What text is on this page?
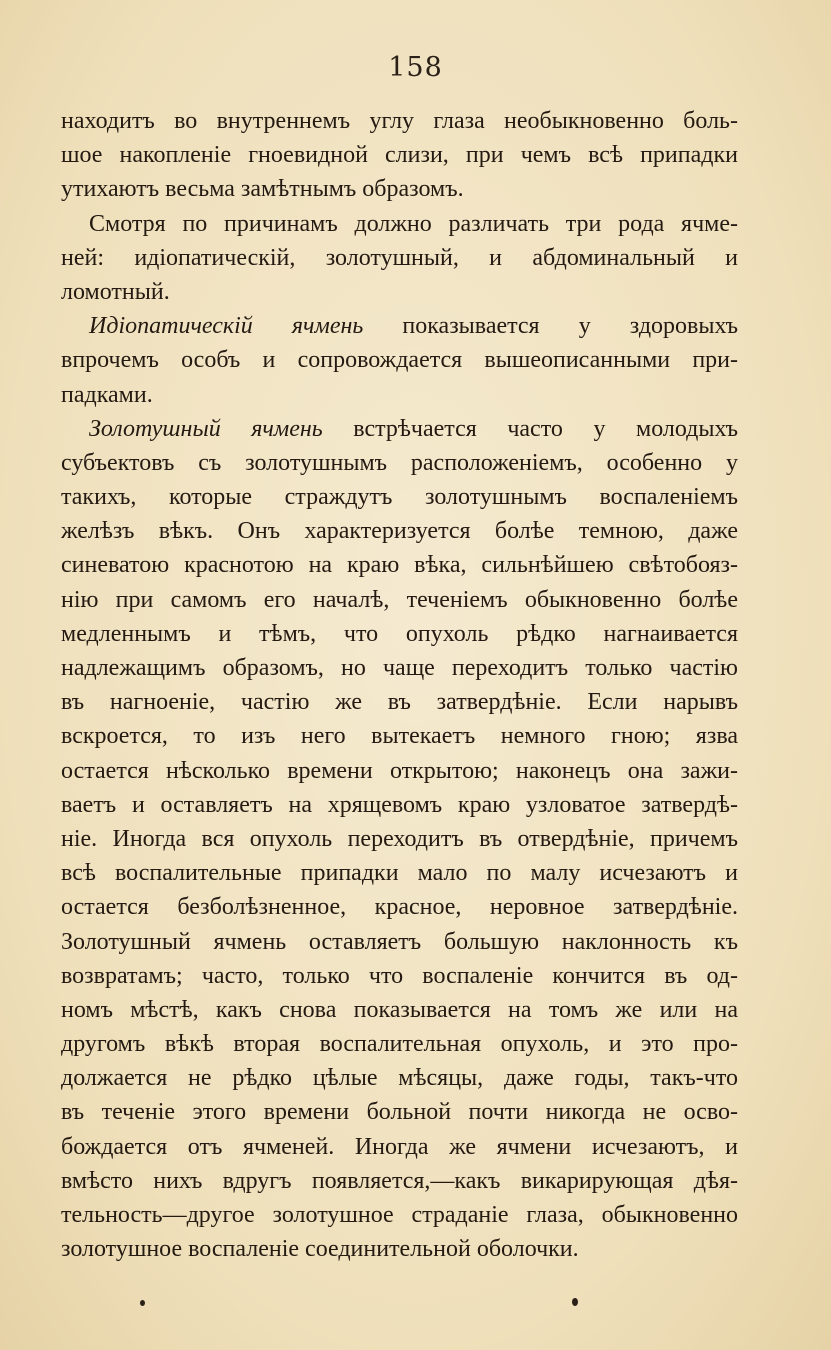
158
находитъ во внутреннемъ углу глаза необыкновенно боль-
шое накопленіе гноевидной слизи, при чемъ всѣ припадки
утихаютъ весьма замѣтнымъ образомъ.
Смотря по причинамъ должно различать три рода ячме-
ней: идіопатическій, золотушный, и абдоминальный и
ломотный.
Идіопатическій ячмень показывается у здоровыхъ
впрочемъ особъ и сопровождается вышеописанными при-
падками.
Золотушный ячмень встрѣчается часто у молодыхъ
субъектовъ съ золотушнымъ расположеніемъ, особенно у
такихъ, которые страждутъ золотушнымъ воспаленіемъ
желѣзъ вѣкъ. Онъ характеризуется болѣе темною, даже
синеватою краснотою на краю вѣка, сильнѣйшею свѣтобояз-
нію при самомъ его началѣ, теченіемъ обыкновенно болѣе
медленнымъ и тѣмъ, что опухоль рѣдко нагнаивается
надлежащимъ образомъ, но чаще переходитъ только частію
въ нагноеніе, частію же въ затвердѣніе. Если нарывъ
вскроется, то изъ него вытекаетъ немного гною; язва
остается нѣсколько времени открытою; наконецъ она зажи-
ваетъ и оставляетъ на хрящевомъ краю узловатое затвердѣ-
ніе. Иногда вся опухоль переходитъ въ отвердѣніе, причемъ
всѣ воспалительные припадки мало по малу исчезаютъ и
остается безболѣзненное, красное, неровное затвердѣніе.
Золотушный ячмень оставляетъ большую наклонность къ
возвратамъ; часто, только что воспаленіе кончится въ од-
номъ мѣстѣ, какъ снова показывается на томъ же или на
другомъ вѣкѣ вторая воспалительная опухоль, и это про-
должается не рѣдко цѣлые мѣсяцы, даже годы, такъ-что
въ теченіе этого времени больной почти никогда не осво-
бождается отъ ячменей. Иногда же ячмени исчезаютъ, и
вмѣсто нихъ вдругъ появляется,—какъ викарирующая дѣя-
тельность—другое золотушное страданіе глаза, обыкновенно
золотушное воспаленіе соединительной оболочки.
